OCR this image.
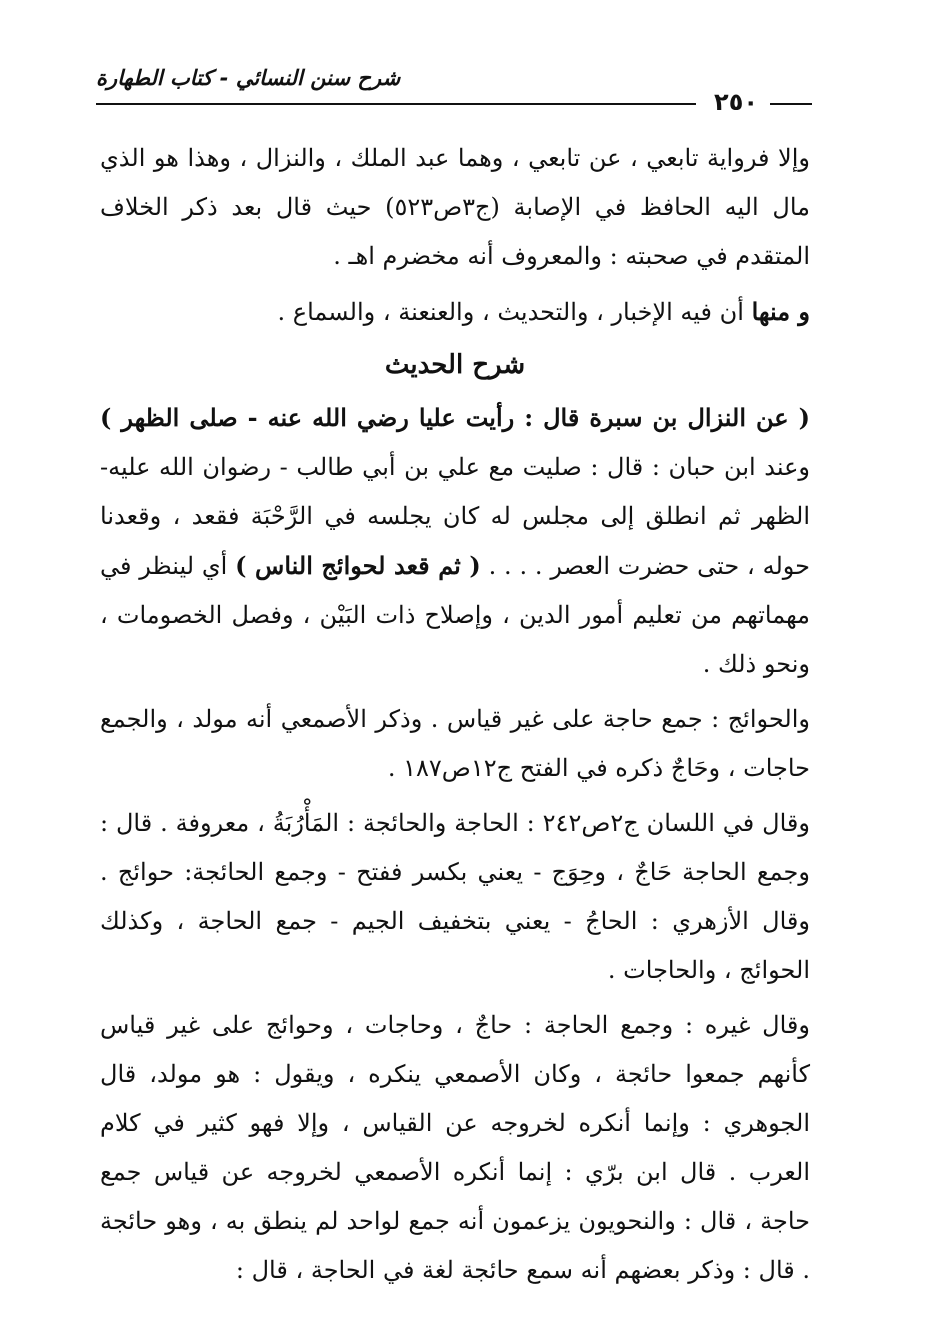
شرح سنن النسائي - كتاب الطهارة
٢٥٠

وإلا فرواية تابعي ، عن تابعي ، وهما عبد الملك ، والنزال ، وهذا هو الذي مال اليه الحافظ في الإصابة (ج٣ص٥٢٣) حيث قال بعد ذكر الخلاف المتقدم في صحبته : والمعروف أنه مخضرم اهـ .

و منها أن فيه الإخبار ، والتحديث ، والعنعنة ، والسماع .

شرح الحديث

( عن النزال بن سبرة قال : رأيت عليا رضي الله عنه - صلى الظهر ) وعند ابن حبان : قال : صليت مع علي بن أبي طالب - رضوان الله عليه- الظهر ثم انطلق إلى مجلس له كان يجلسه في الرَّحْبَة فقعد ، وقعدنا حوله ، حتى حضرت العصر . . . . ( ثم قعد لحوائج الناس ) أي لينظر في مهماتهم من تعليم أمور الدين ، وإصلاح ذات البَيْن ، وفصل الخصومات ، ونحو ذلك .

والحوائج : جمع حاجة على غير قياس . وذكر الأصمعي أنه مولد ، والجمع حاجات ، وحَاجٌ ذكره في الفتح ج١٢ص١٨٧ .

وقال في اللسان ج٢ص٢٤٢ : الحاجة والحائجة : المَأْرُبَةُ ، معروفة . قال : وجمع الحاجة حَاجٌ ، وحِوَج - يعني بكسر ففتح - وجمع الحائجة: حوائج . وقال الأزهري : الحاجُ - يعني بتخفيف الجيم - جمع الحاجة ، وكذلك الحوائج ، والحاجات .

وقال غيره : وجمع الحاجة : حاجٌ ، وحاجات ، وحوائج على غير قياس كأنهم جمعوا حائجة ، وكان الأصمعي ينكره ، ويقول : هو مولد، قال الجوهري : وإنما أنكره لخروجه عن القياس ، وإلا فهو كثير في كلام العرب . قال ابن برّي : إنما أنكره الأصمعي لخروجه عن قياس جمع حاجة ، قال : والنحويون يزعمون أنه جمع لواحد لم ينطق به ، وهو حائجة . قال : وذكر بعضهم أنه سمع حائجة لغة في الحاجة ، قال :
